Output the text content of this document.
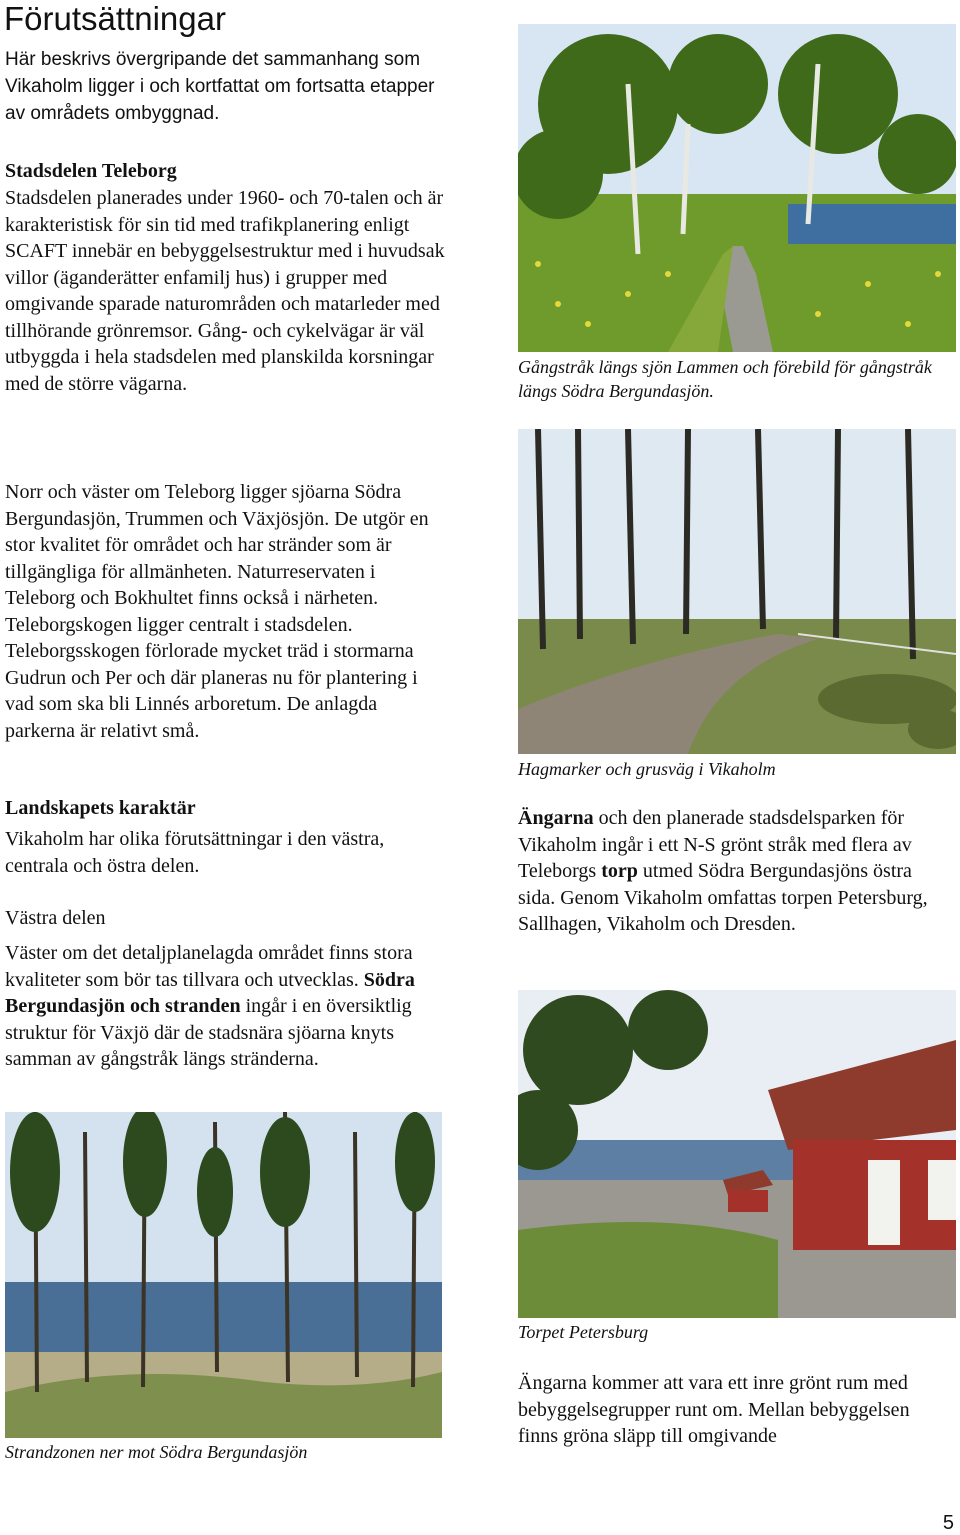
Förutsättningar
Här beskrivs övergripande det sammanhang som Vikaholm ligger i och kortfattat om fortsatta etapper av områdets ombyggnad.
Stadsdelen Teleborg
Stadsdelen planerades under 1960- och 70-talen och är karakteristisk för sin tid med trafikplanering enligt SCAFT innebär en bebyggelsestruktur med i huvudsak villor (äganderätter enfamilj hus) i grupper med omgivande sparade naturområden och matarleder med tillhörande grönremsor. Gång- och cykelvägar är väl utbyggda i hela stadsdelen med planskilda korsningar med de större vägarna.
Norr och väster om Teleborg ligger sjöarna Södra Bergundasjön, Trummen och Växjösjön. De utgör en stor kvalitet för området och har stränder som är tillgängliga för allmänheten. Naturreservaten i Teleborg och Bokhultet finns också i närheten. Teleborgskogen ligger centralt i stadsdelen. Teleborgsskogen förlorade mycket träd i stormarna Gudrun och Per och där planeras nu för plantering i vad som ska bli Linnés arboretum. De anlagda parkerna är relativt små.
Landskapets karaktär
Vikaholm har olika förutsättningar i den västra, centrala och östra delen.
Västra delen
Väster om det detaljplanelagda området finns stora kvaliteter som bör tas tillvara och utvecklas. Södra Bergundasjön och stranden ingår i en översiktlig struktur för Växjö där de stadsnära sjöarna knyts samman av gångstråk längs stränderna.
Gångstråk längs sjön Lammen och förebild för gångstråk längs Södra Bergundasjön.
Hagmarker och grusväg i Vikaholm
Ängarna och den planerade stadsdelsparken för Vikaholm ingår i ett N-S grönt stråk med flera av Teleborgs torp utmed Södra Bergundasjöns östra sida. Genom Vikaholm omfattas torpen Petersburg, Sallhagen, Vikaholm och Dresden.
Torpet Petersburg
Ängarna kommer att vara ett inre grönt rum med bebyggelsegrupper runt om. Mellan bebyggelsen finns gröna släpp till omgivande
Strandzonen ner mot Södra Bergundasjön
5
